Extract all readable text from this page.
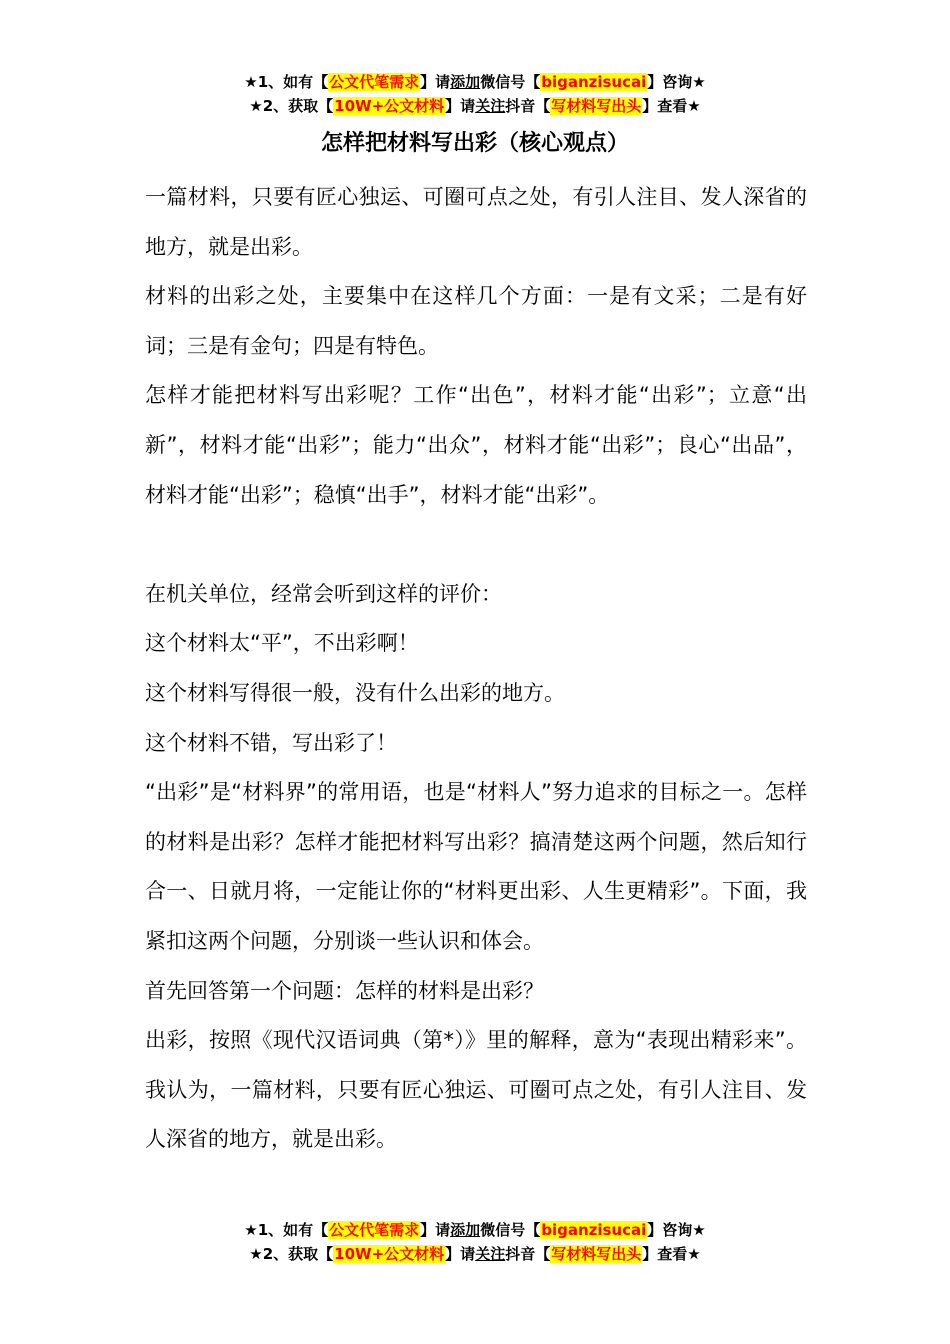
★1、如有【公文代笔需求】请添加微信号【biganzisucai】咨询★
★2、获取【10W+公文材料】请关注抖音【写材料写出头】查看★
怎样把材料写出彩（核心观点）

一篇材料，只要有匠心独运、可圈可点之处，有引人注目、发人深省的地方，就是出彩。

材料的出彩之处，主要集中在这样几个方面：一是有文采；二是有好词；三是有金句；四是有特色。

怎样才能把材料写出彩呢？工作“出色”，材料才能“出彩”；立意“出新”，材料才能“出彩”；能力“出众”，材料才能“出彩”；良心“出品”，材料才能“出彩”；稳慎“出手”，材料才能“出彩”。

在机关单位，经常会听到这样的评价：

这个材料太“平”，不出彩啊！

这个材料写得很一般，没有什么出彩的地方。

这个材料不错，写出彩了！

“出彩”是“材料界”的常用语，也是“材料人”努力追求的目标之一。怎样的材料是出彩？怎样才能把材料写出彩？搞清楚这两个问题，然后知行合一、日就月将，一定能让你的“材料更出彩、人生更精彩”。下面，我紧扣这两个问题，分别谈一些认识和体会。

首先回答第一个问题：怎样的材料是出彩？

出彩，按照《现代汉语词典（第*）》里的解释，意为“表现出精彩来”。我认为，一篇材料，只要有匠心独运、可圈可点之处，有引人注目、发人深省的地方，就是出彩。

★1、如有【公文代笔需求】请添加微信号【biganzisucai】咨询★
★2、获取【10W+公文材料】请关注抖音【写材料写出头】查看★
